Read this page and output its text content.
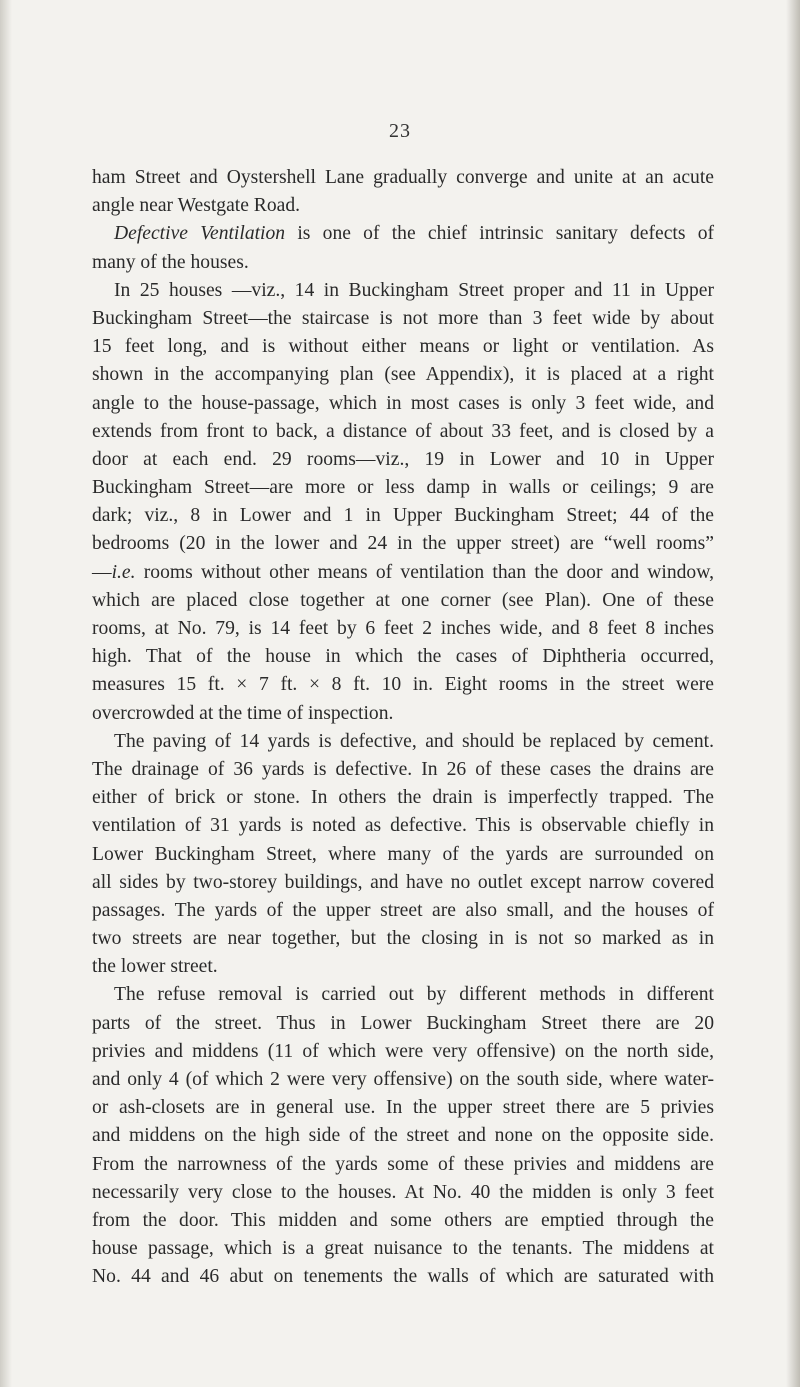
23
ham Street and Oystershell Lane gradually converge and unite at an acute
angle near Westgate Road.
Defective Ventilation is one of the chief intrinsic sanitary defects of
many of the houses.
In 25 houses —viz., 14 in Buckingham Street proper and 11 in Upper
Buckingham Street—the staircase is not more than 3 feet wide by about
15 feet long, and is without either means or light or ventilation. As
shown in the accompanying plan (see Appendix), it is placed at a right
angle to the house-passage, which in most cases is only 3 feet wide, and
extends from front to back, a distance of about 33 feet, and is closed by a
door at each end. 29 rooms—viz., 19 in Lower and 10 in Upper
Buckingham Street—are more or less damp in walls or ceilings; 9 are
dark; viz., 8 in Lower and 1 in Upper Buckingham Street; 44 of the
bedrooms (20 in the lower and 24 in the upper street) are “well rooms”
—i.e. rooms without other means of ventilation than the door and window,
which are placed close together at one corner (see Plan). One of these
rooms, at No. 79, is 14 feet by 6 feet 2 inches wide, and 8 feet 8 inches
high. That of the house in which the cases of Diphtheria occurred,
measures 15 ft. × 7 ft. × 8 ft. 10 in. Eight rooms in the street were
overcrowded at the time of inspection.
The paving of 14 yards is defective, and should be replaced by cement.
The drainage of 36 yards is defective. In 26 of these cases the drains are
either of brick or stone. In others the drain is imperfectly trapped. The
ventilation of 31 yards is noted as defective. This is observable chiefly in
Lower Buckingham Street, where many of the yards are surrounded on
all sides by two-storey buildings, and have no outlet except narrow covered
passages. The yards of the upper street are also small, and the houses of
two streets are near together, but the closing in is not so marked as in
the lower street.
The refuse removal is carried out by different methods in different
parts of the street. Thus in Lower Buckingham Street there are 20
privies and middens (11 of which were very offensive) on the north side,
and only 4 (of which 2 were very offensive) on the south side, where water-
or ash-closets are in general use. In the upper street there are 5 privies
and middens on the high side of the street and none on the opposite side.
From the narrowness of the yards some of these privies and middens are
necessarily very close to the houses. At No. 40 the midden is only 3 feet
from the door. This midden and some others are emptied through the
house passage, which is a great nuisance to the tenants. The middens at
No. 44 and 46 abut on tenements the walls of which are saturated with
